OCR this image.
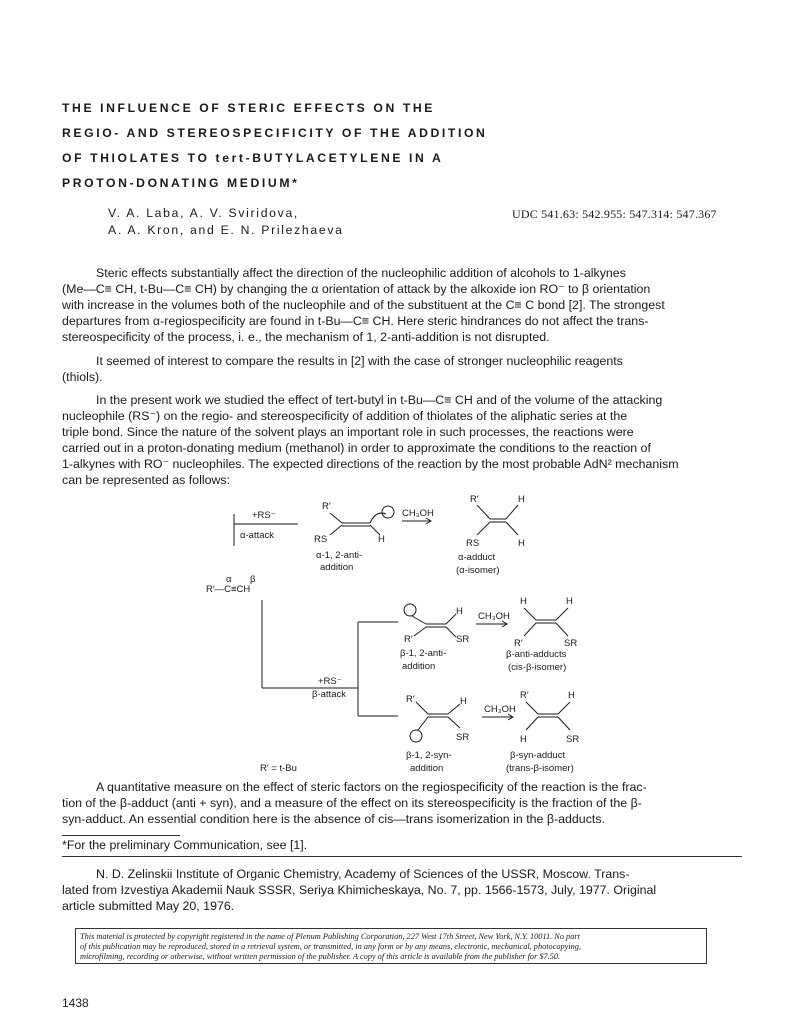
THE INFLUENCE OF STERIC EFFECTS ON THE
REGIO- AND STEREOSPECIFICITY OF THE ADDITION
OF THIOLATES TO tert-BUTYLACETYLENE IN A
PROTON-DONATING MEDIUM*
V. A. Laba, A. V. Sviridova,
A. A. Kron, and E. N. Prilezhaeva
UDC 541.63: 542.955: 547.314: 547.367
Steric effects substantially affect the direction of the nucleophilic addition of alcohols to 1-alkynes
(Me—C≡ CH, t-Bu—C≡ CH) by changing the α orientation of attack by the alkoxide ion RO⁻ to β orientation
with increase in the volumes both of the nucleophile and of the substituent at the C≡ C bond [2]. The strongest
departures from α-regiospecificity are found in t-Bu—C≡ CH. Here steric hindrances do not affect the trans-
stereospecificity of the process, i. e., the mechanism of 1, 2-anti-addition is not disrupted.
It seemed of interest to compare the results in [2] with the case of stronger nucleophilic reagents
(thiols).
In the present work we studied the effect of tert-butyl in t-Bu—C≡ CH and of the volume of the attacking
nucleophile (RS⁻) on the regio- and stereospecificity of addition of thiolates of the aliphatic series at the
triple bond. Since the nature of the solvent plays an important role in such processes, the reactions were
carried out in a proton-donating medium (methanol) in order to approximate the conditions to the reaction of
1-alkynes with RO⁻ nucleophiles. The expected directions of the reaction by the most probable AdN² mechanism
can be represented as follows:
+RS⁻
α-attack
R′
RS	H
α-1, 2-anti-
addition
CH₃OH
R′	H
RS	H
α-adduct
(α-isomer)
α β
R′—C≡CH
+RS⁻
β-attack
H
R′	SR
β-1, 2-anti-
addition
CH₃OH
H	H
R′	SR
β-anti-adducts
(cis-β-isomer)
R′	H
SR
β-1, 2-syn-
addition
CH₃OH
R′	H
H	SR
β-syn-adduct
(trans-β-isomer)
R′ = t-Bu
A quantitative measure on the effect of steric factors on the regiospecificity of the reaction is the frac-
tion of the β-adduct (anti + syn), and a measure of the effect on its stereospecificity is the fraction of the β-
syn-adduct. An essential condition here is the absence of cis—trans isomerization in the β-adducts.
*For the preliminary Communication, see [1].
N. D. Zelinskii Institute of Organic Chemistry, Academy of Sciences of the USSR, Moscow. Trans-
lated from Izvestiya Akademii Nauk SSSR, Seriya Khimicheskaya, No. 7, pp. 1566-1573, July, 1977. Original
article submitted May 20, 1976.
This material is protected by copyright registered in the name of Plenum Publishing Corporation, 227 West 17th Street, New York, N.Y. 10011. No part
of this publication may be reproduced, stored in a retrieval system, or transmitted, in any form or by any means, electronic, mechanical, photocopying,
microfilming, recording or otherwise, without written permission of the publisher. A copy of this article is available from the publisher for $7.50.
1438
